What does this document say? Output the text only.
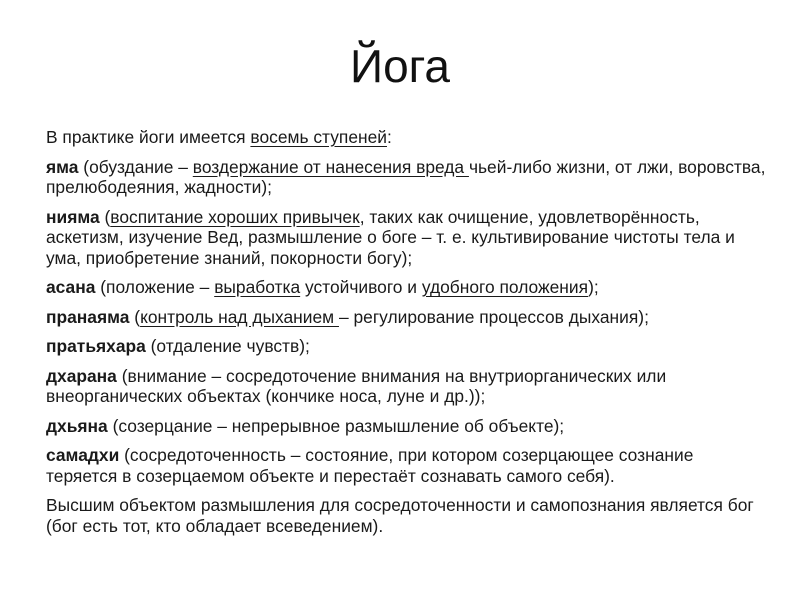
Йога

В практике йоги имеется восемь ступеней:

яма (обуздание – воздержание от нанесения вреда чьей-либо жизни, от лжи, воровства, прелюбодеяния, жадности);

нияма (воспитание хороших привычек, таких как очищение, удовлетворённость, аскетизм, изучение Вед, размышление о боге – т. е. культивирование чистоты тела и ума, приобретение знаний, покорности богу);

асана (положение – выработка устойчивого и удобного положения);

пранаяма (контроль над дыханием – регулирование процессов дыхания);

пратьяхара (отдаление чувств);

дхарана (внимание – сосредоточение внимания на внутриорганических или внеорганических объектах (кончике носа, луне и др.));

дхьяна (созерцание – непрерывное размышление об объекте);

самадхи (сосредоточенность – состояние, при котором созерцающее сознание теряется в созерцаемом объекте и перестаёт сознавать самого себя).

Высшим объектом размышления для сосредоточенности и самопознания является бог (бог есть тот, кто обладает всеведением).
